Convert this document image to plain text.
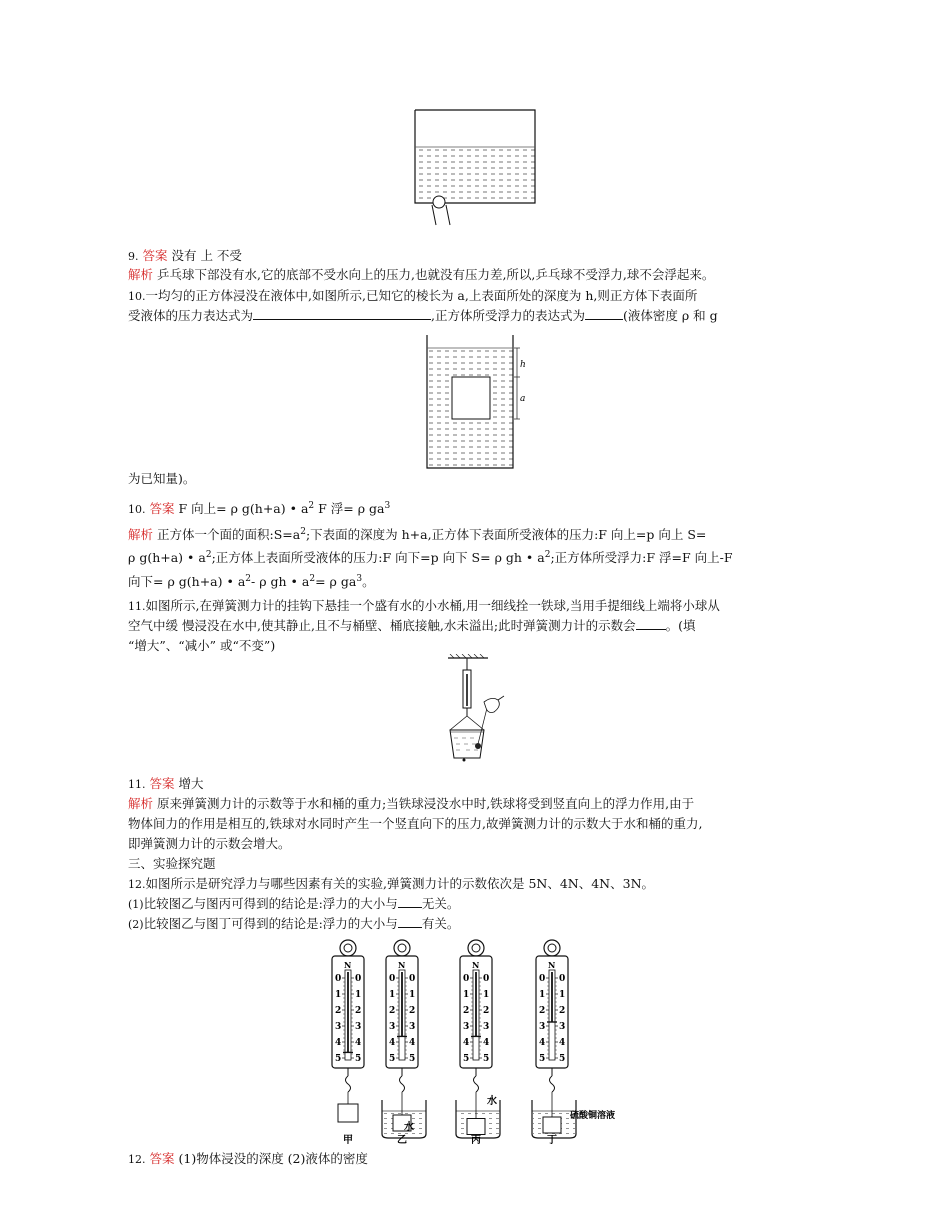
9. 答案 没有 上 不受
解析 乒乓球下部没有水,它的底部不受水向上的压力,也就没有压力差,所以,乒乓球不受浮力,球不会浮起来。
10.一均匀的正方体浸没在液体中,如图所示,已知它的棱长为 a,上表面所处的深度为 h,则正方体下表面所
受液体的压力表达式为	,正方体所受浮力的表达式为	(液体密度 ρ 和 g
h
a
为已知量)。
10. 答案 F 向上= ρ g(h+a) • $a^2$ F 浮= ρ $ga^3$
解析 正方体一个面的面积$:S=a^2$;下表面的深度为 h+a,正方体下表面所受液体的压力:F 向上=p 向上 S=
ρ g(h+a) • $a^2$;正方体上表面所受液体的压力:F 向下=p 向下 S= ρ gh • $a^2$;正方体所受浮力:F 浮=F 向上-F
向下= ρ g(h+a) • $a^2-$ ρ gh • $a^2= \rho$ $ga^3$。
11.如图所示,在弹簧测力计的挂钩下悬挂一个盛有水的小水桶,用一细线拴一铁球,当用手提细线上端将小球从
空气中缓 慢浸没在水中,使其静止,且不与桶壁、桶底接触,水未溢出;此时弹簧测力计的示数会 。(填
“增大”、“减小” 或“不变”)
11. 答案 增大
解析 原来弹簧测力计的示数等于水和桶的重力;当铁球浸没水中时,铁球将受到竖直向上的浮力作用,由于
物体间力的作用是相互的,铁球对水同时产生一个竖直向下的压力,故弹簧测力计的示数大于水和桶的重力,
即弹簧测力计的示数会增大。
三、实验探究题
12.如图所示是研究浮力与哪些因素有关的实验,弹簧测力计的示数依次是 5N、4N、4N、3N。
(1)比较图乙与图丙可得到的结论是:浮力的大小与 无关。
(2)比较图乙与图丁可得到的结论是:浮力的大小与 有关。
N
0 0
1 1
2 2
3 3
4 4
5 5
甲
N
0 0
1 1
2 2
3 3
4 4
5 5
水
乙
N
0 0
1 1
2 2
3 3
4 4
5 5
水
丙
N
0 0
1 1
2 2
3 3
4 4
5 5
硫酸铜溶液
丁
12. 答案 (1)物体浸没的深度 (2)液体的密度
